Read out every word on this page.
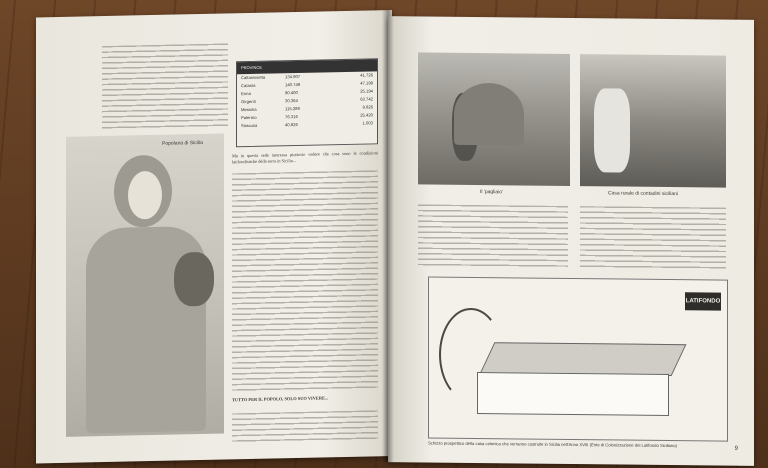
PROVINCE
Caltanissetta	134.907	41.726
Catania	140.749	47.199
Enna	90.400	25.194
Girgenti	30.364	63.742
Messina	115.289	9.826
Palermo	76.316	25.420
Siracusa	40.826	1.003
Popolana di Sicilia
Ma in questa sede interessa piuttosto vedere che cosa sono le condizioni latifondistiche della terra in Sicilia...
TUTTO PER IL POPOLO, SOLO SUO VIVERE...
Il 'pagliaio'	Casa rurale di contadini siciliani
LATIFONDO
Schizzo prospettico della casa colonica che verranno costruite in Sicilia nell'Anno XVIII (Ente di Colonizzazione del Latifondo Siciliano)
9
